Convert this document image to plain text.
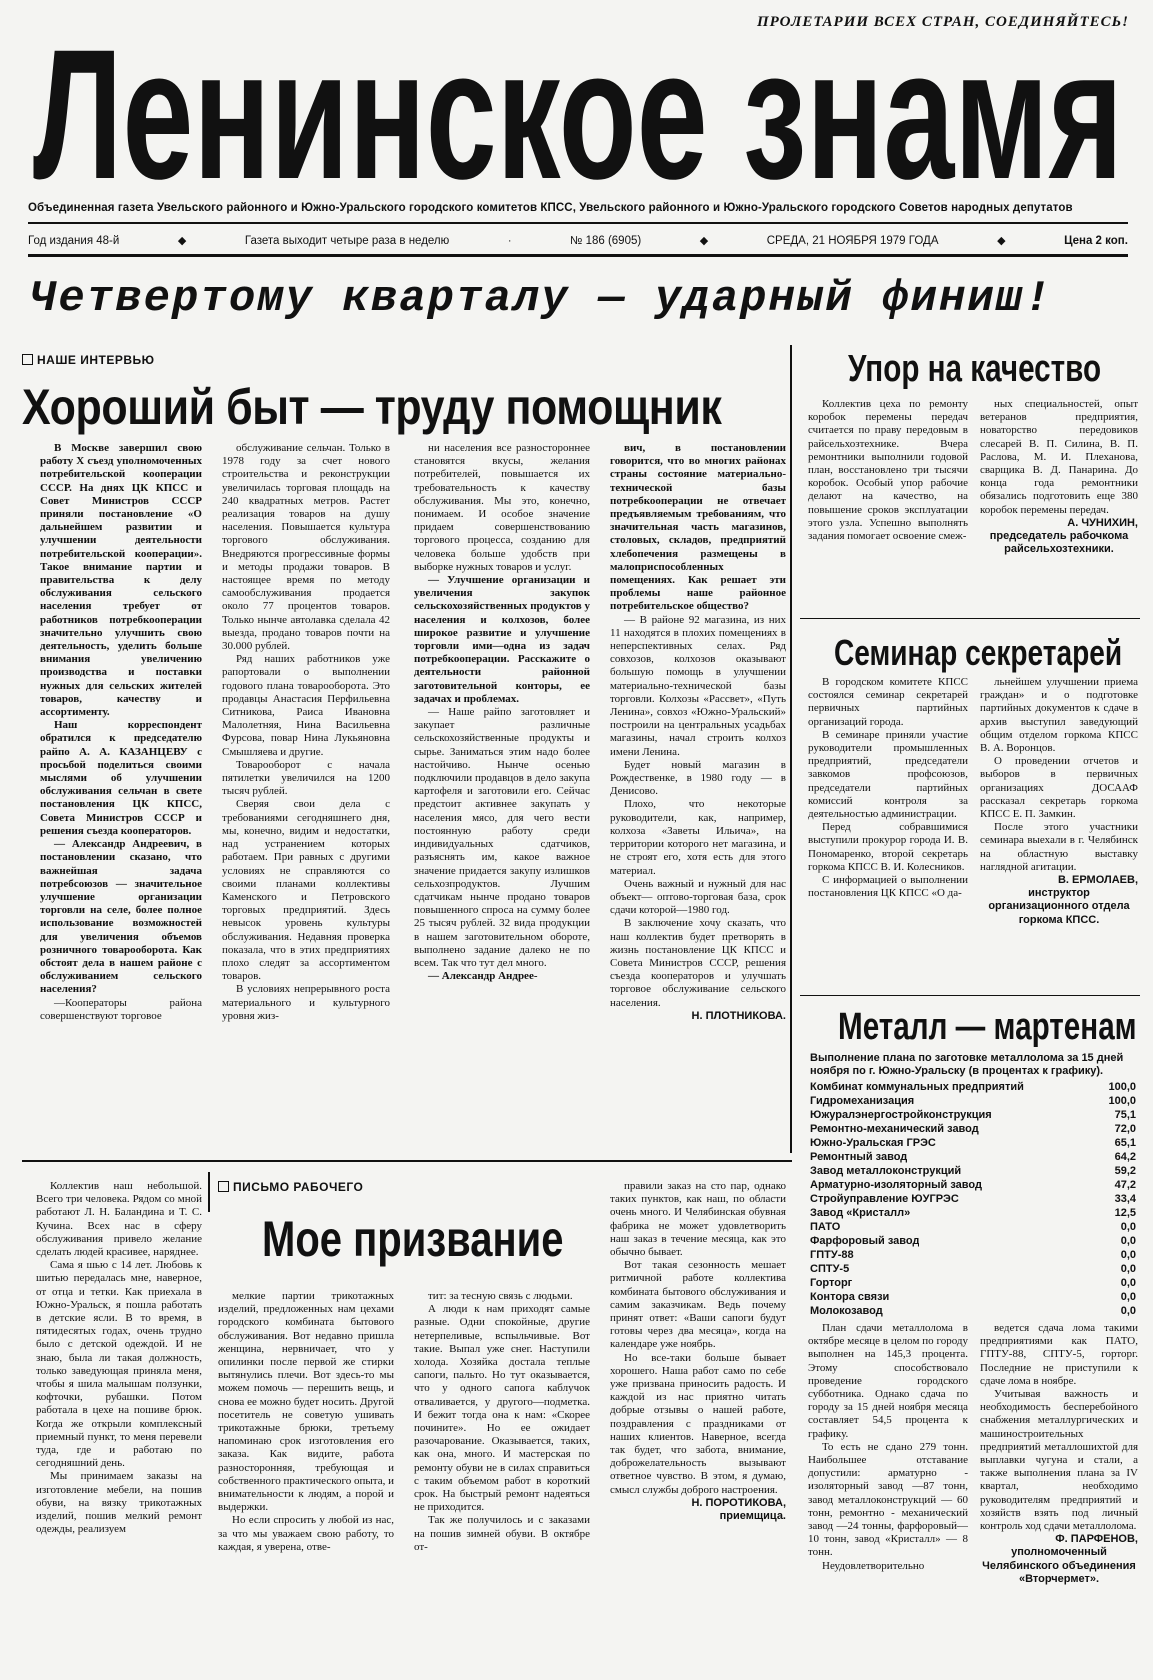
ПРОЛЕТАРИИ ВСЕХ СТРАН, СОЕДИНЯЙТЕСЬ!
Ленинское знамя
Объединенная газета Увельского районного и Южно-Уральского городского комитетов КПСС, Увельского районного и Южно-Уральского городского Советов народных депутатов
Год издания 48-й	◆	Газета выходит четыре раза в неделю	·	№ 186 (6905)	◆	СРЕДА, 21 НОЯБРЯ 1979 ГОДА	◆	Цена 2 коп.
Четвертому кварталу — ударный финиш!
НАШЕ ИНТЕРВЬЮ
Хороший быт — труду помощник

В Москве завершил свою работу X съезд уполномоченных потребительской кооперации СССР. На днях ЦК КПСС и Совет Министров СССР приняли постановление «О дальнейшем развитии и улучшении деятельности потребительской кооперации». Такое внимание партии и правительства к делу обслуживания сельского населения требует от работников потребкооперации значительно улучшить свою деятельность, уделить больше внимания увеличению производства и поставки нужных для сельских жителей товаров, качеству и ассортименту.

Наш корреспондент обратился к председателю райпо А. А. КАЗАНЦЕВУ с просьбой поделиться своими мыслями об улучшении обслуживания сельчан в свете постановления ЦК КПСС, Совета Министров СССР и решения съезда кооператоров.

— Александр Андреевич, в постановлении сказано, что важнейшая задача потребсоюзов — значительное улучшение организации торговли на селе, более полное использование возможностей для увеличения объемов розничного товарооборота. Как обстоят дела в нашем районе с обслуживанием сельского населения?

—Кооператоры района совершенствуют торговое

обслуживание сельчан. Только в 1978 году за счет нового строительства и реконструкции увеличилась торговая площадь на 240 квадратных метров. Растет реализация товаров на душу населения. Повышается культура торгового обслуживания. Внедряются прогрессивные формы и методы продажи товаров. В настоящее время по методу самообслуживания продается около 77 процентов товаров. Только нынче автолавка сделала 42 выезда, продано товаров почти на 30.000 рублей.

Ряд наших работников уже рапортовали о выполнении годового плана товарооборота. Это продавцы Анастасия Перфильевна Ситникова, Раиса Ивановна Малолетняя, Нина Васильевна Фурсова, повар Нина Лукьяновна Смышляева и другие.

Товарооборот с начала пятилетки увеличился на 1200 тысяч рублей.

Сверяя свои дела с требованиями сегодняшнего дня, мы, конечно, видим и недостатки, над устранением которых работаем. При равных с другими условиях не справляются со своими планами коллективы Каменского и Петровского торговых предприятий. Здесь невысок уровень культуры обслуживания. Недавняя проверка показала, что в этих предприятиях плохо следят за ассортиментом товаров.

В условиях непрерывного роста материального и культурного уровня жиз-

ни населения все разностороннее становятся вкусы, желания потребителей, повышается их требовательность к качеству обслуживания. Мы это, конечно, понимаем. И особое значение придаем совершенствованию торгового процесса, созданию для человека больше удобств при выборке нужных товаров и услуг.

— Улучшение организации и увеличения закупок сельскохозяйственных продуктов у населения и колхозов, более широкое развитие и улучшение торговли ими—одна из задач потребкооперации. Расскажите о деятельности районной заготовительной конторы, ее задачах и проблемах.

— Наше райпо заготовляет и закупает различные сельскохозяйственные продукты и сырье. Заниматься этим надо более настойчиво. Нынче осенью подключили продавцов в дело закупа картофеля и заготовили его. Сейчас предстоит активнее закупать у населения мясо, для чего вести постоянную работу среди индивидуальных сдатчиков, разъяснять им, какое важное значение придается закупу излишков сельхозпродуктов. Лучшим сдатчикам нынче продано товаров повышенного спроса на сумму более 25 тысяч рублей. 32 вида продукции в нашем заготовительном обороте, выполнено задание далеко не по всем. Так что тут дел много.

— Александр Андрее-

вич, в постановлении говорится, что во многих районах страны состояние материально-технической базы потребкооперации не отвечает предъявляемым требованиям, что значительная часть магазинов, столовых, складов, предприятий хлебопечения размещены в малоприспособленных помещениях. Как решает эти проблемы наше районное потребительское общество?

— В районе 92 магазина, из них 11 находятся в плохих помещениях в неперспективных селах. Ряд совхозов, колхозов оказывают большую помощь в улучшении материально-технической базы торговли. Колхозы «Рассвет», «Путь Ленина», совхоз «Южно-Уральский» построили на центральных усадьбах магазины, начал строить колхоз имени Ленина.

Будет новый магазин в Рождественке, в 1980 году — в Денисово.

Плохо, что некоторые руководители, как, например, колхоза «Заветы Ильича», на территории которого нет магазина, и не строят его, хотя есть для этого материал.

Очень важный и нужный для нас объект— оптово-торговая база, срок сдачи которой—1980 год.

В заключение хочу сказать, что наш коллектив будет претворять в жизнь постановление ЦК КПСС и Совета Министров СССР, решения съезда кооператоров и улучшать торговое обслуживание сельского населения.

Н. ПЛОТНИКОВА.
Упор на качество

Коллектив цеха по ремонту коробок перемены передач считается по праву передовым в райсельхозтехнике. Вчера ремонтники выполнили годовой план, восстановлено три тысячи коробок. Особый упор рабочие делают на качество, на повышение сроков эксплуатации этого узла. Успешно выполнять задания помогает освоение смеж-

ных специальностей, опыт ветеранов предприятия, новаторство передовиков слесарей В. П. Силина, В. П. Раслова, М. И. Плехановa, сварщика В. Д. Панарина. До конца года ремонтники обязались подготовить еще 380 коробок перемены передач.

А. ЧУНИХИН,
председатель рабочкома райсельхозтехники.
Семинар секретарей

В городском комитете КПСС состоялся семинар секретарей первичных партийных организаций города.

В семинаре приняли участие руководители промышленных предприятий, председатели завкомов профсоюзов, председатели партийных комиссий контроля за деятельностью администрации.

Перед собравшимися выступили прокурор города И. В. Пономаренко, второй секретарь горкома КПСС В. И. Колесников.

С информацией о выполнении постановления ЦК КПСС «О да-

льнейшем улучшении приема граждан» и о подготовке партийных документов к сдаче в архив выступил заведующий общим отделом горкома КПСС В. А. Воронцов.

О проведении отчетов и выборов в первичных организациях ДОСААФ рассказал секретарь горкома КПСС Е. П. Замкин.

После этого участники семинара выехали в г. Челябинск на областную выставку наглядной агитации.

В. ЕРМОЛАЕВ,
инструктор организационного отдела горкома КПСС.
Металл — мартенам
Выполнение плана по заготовке металлолома за 15 дней ноября по г. Южно-Уральску (в процентах к графику).
Комбинат коммунальных предприятий	100,0
Гидромеханизация	100,0
Южуралэнергостройконструкция	75,1
Ремонтно-механический завод	72,0
Южно-Уральская ГРЭС	65,1
Ремонтный завод	64,2
Завод металлоконструкций	59,2
Арматурно-изоляторный завод	47,2
Стройуправление ЮУГРЭС	33,4
Завод «Кристалл»	12,5
ПАТО	0,0
Фарфоровый завод	0,0
ГПТУ-88	0,0
СПТУ-5	0,0
Горторг	0,0
Контора связи	0,0
Молокозавод	0,0

План сдачи металлолома в октябре месяце в целом по городу выполнен на 145,3 процента. Этому способствовало проведение городского субботника. Однако сдача по городу за 15 дней ноября месяца составляет 54,5 процента к графику.

То есть не сдано 279 тонн. Наибольшее отставание допустили: арматурно - изоляторный завод —87 тонн, завод металлоконструкций — 60 тонн, ремонтно - механический завод —24 тонны, фарфоровый— 10 тонн, завод «Кристалл» — 8 тонн.

Неудовлетворительно

ведется сдача лома такими предприятиями как ПАТО, ГПТУ-88, СПТУ-5, горторг. Последние не приступили к сдаче лома в ноябре.

Учитывая важность и необходимость бесперебойного снабжения металлургических и машиностроительных предприятий металлошихтой для выплавки чугуна и стали, а также выполнения плана за IV квартал, необходимо руководителям предприятий и хозяйств взять под личный контроль ход сдачи металлолома.

Ф. ПАРФЕНОВ,
уполномоченный Челябинского объединения «Вторчермет».

Коллектив наш небольшой. Всего три человека. Рядом со мной работают Л. Н. Баландина и Т. С. Кучина. Всех нас в сферу обслуживания привело желание сделать людей красивее, наряднее.

Сама я шью с 14 лет. Любовь к шитью передалась мне, наверное, от отца и тетки. Как приехала в Южно-Уральск, я пошла работать в детские ясли. В то время, в пятидесятых годах, очень трудно было с детской одеждой. И не знаю, была ли такая должность, только заведующая приняла меня, чтобы я шила малышам ползунки, кофточки, рубашки. Потом работала в цехе на пошиве брюк. Когда же открыли комплексный приемный пункт, то меня перевели туда, где и работаю по сегодняшний день.

Мы принимаем заказы на изготовление мебели, на пошив обуви, на вязку трикотажных изделий, пошив мелкий ремонт одежды, реализуем

ПИСЬМО РАБОЧЕГО
Мое призвание

мелкие партии трикотажных изделий, предложенных нам цехами городского комбината бытового обслуживания. Вот недавно пришла женщина, нервничает, что у опилинки после первой же стирки вытянулись плечи. Вот здесь-то мы можем помочь — перешить вещь, и снова ее можно будет носить. Другой посетитель не советую ушивать трикотажные брюки, третьему напоминаю срок изготовления его заказа. Как видите, работа разносторонняя, требующая и собственного практического опыта, и внимательности к людям, а порой и выдержки.

Но если спросить у любой из нас, за что мы уважаем свою работу, то каждая, я уверена, отве-

тит: за тесную связь с людьми.

А люди к нам приходят самые разные. Одни спокойные, другие нетерпеливые, вспыльчивые. Вот такие. Выпал уже снег. Наступили холода. Хозяйка достала теплые сапоги, пальто. Но тут оказывается, что у одного сапога каблучок отваливается, у другого—подметка. И бежит тогда она к нам: «Скорее почините». Но ее ожидает разочарование. Оказывается, таких, как она, много. И мастерская по ремонту обуви не в силах справиться с таким объемом работ в короткий срок. На быстрый ремонт надеяться не приходится.

Так же получилось и с заказами на пошив зимней обуви. В октябре от-

правили заказ на сто пар, однако таких пунктов, как наш, по области очень много. И Челябинская обувная фабрика не может удовлетворить наш заказ в течение месяца, как это обычно бывает.

Вот такая сезонность мешает ритмичной работе коллектива комбината бытового обслуживания и самим заказчикам. Ведь почему принят ответ: «Ваши сапоги будут готовы через два месяца», когда на календаре уже ноябрь.

Но все-таки больше бывает хорошего. Наша работ само по себе уже призвана приносить радость. И каждой из нас приятно читать добрые отзывы о нашей работе, поздравления с праздниками от наших клиентов. Наверное, всегда так будет, что забота, внимание, доброжелательность вызывают ответное чувство. В этом, я думаю, смысл службы доброго настроения.

Н. ПОРОТИКОВА,
приемщица.
